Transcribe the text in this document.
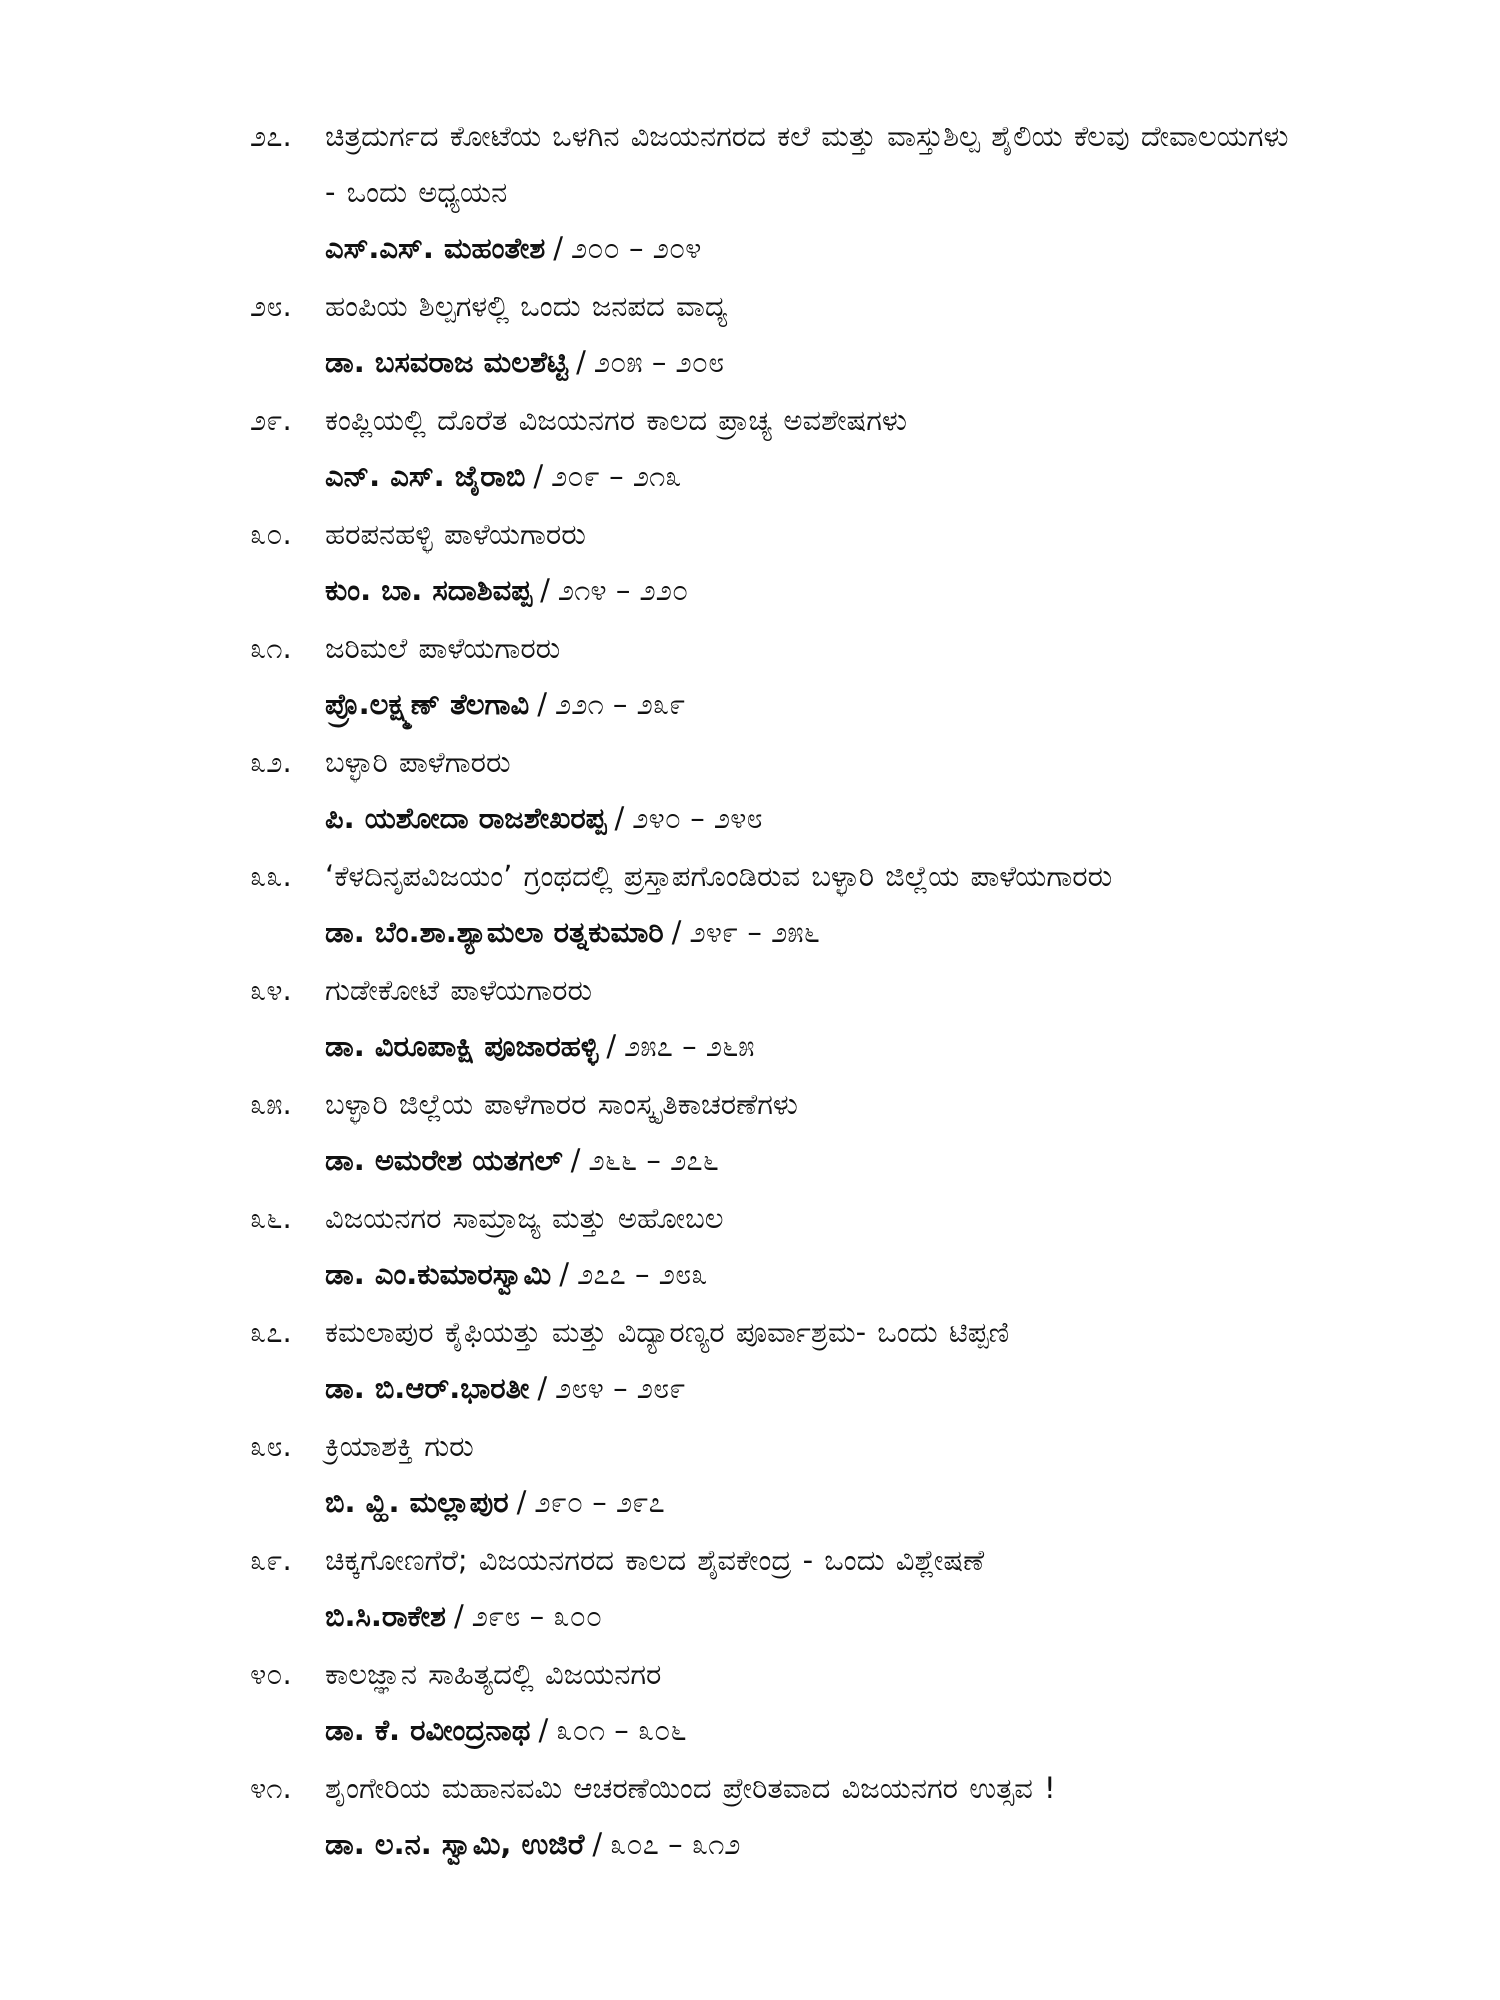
೨೭.	ಚಿತ್ರದುರ್ಗದ ಕೋಟೆಯ ಒಳಗಿನ ವಿಜಯನಗರದ ಕಲೆ ಮತ್ತು ವಾಸ್ತುಶಿಲ್ಪ ಶೈಲಿಯ ಕೆಲವು ದೇವಾಲಯಗಳು - ಒಂದು ಅಧ್ಯಯನ
ಎಸ್.ಎಸ್. ಮಹಂತೇಶ / ೨೦೦ – ೨೦೪
೨೮.	ಹಂಪಿಯ ಶಿಲ್ಪಗಳಲ್ಲಿ ಒಂದು ಜನಪದ ವಾದ್ಯ
ಡಾ. ಬಸವರಾಜ ಮಲಶೆಟ್ಟಿ / ೨೦೫ – ೨೦೮
೨೯.	ಕಂಪ್ಲಿಯಲ್ಲಿ ದೊರೆತ ವಿಜಯನಗರ ಕಾಲದ ಪ್ರಾಚ್ಯ ಅವಶೇಷಗಳು
ಎನ್. ಎಸ್. ಜೈರಾಬಿ / ೨೦೯ – ೨೧೩
೩೦.	ಹರಪನಹಳ್ಳಿ ಪಾಳೆಯಗಾರರು
ಕುಂ. ಬಾ. ಸದಾಶಿವಪ್ಪ / ೨೧೪ – ೨೨೦
೩೧.	ಜರಿಮಲೆ ಪಾಳೆಯಗಾರರು
ಪ್ರೊ.ಲಕ್ಷ್ಮಣ್ ತೆಲಗಾವಿ / ೨೨೧ – ೨೩೯
೩೨.	ಬಳ್ಳಾರಿ ಪಾಳೆಗಾರರು
ಪಿ. ಯಶೋದಾ ರಾಜಶೇಖರಪ್ಪ / ೨೪೦ – ೨೪೮
೩೩.	‘ಕೆಳದಿನೃಪವಿಜಯಂ’ ಗ್ರಂಥದಲ್ಲಿ ಪ್ರಸ್ತಾಪಗೊಂಡಿರುವ ಬಳ್ಳಾರಿ ಜಿಲ್ಲೆಯ ಪಾಳೆಯಗಾರರು
ಡಾ. ಬೆಂ.ಶಾ.ಶ್ಯಾಮಲಾ ರತ್ನಕುಮಾರಿ / ೨೪೯ – ೨೫೬
೩೪.	ಗುಡೇಕೋಟೆ ಪಾಳೆಯಗಾರರು
ಡಾ. ವಿರೂಪಾಕ್ಷಿ ಪೂಜಾರಹಳ್ಳಿ / ೨೫೭ – ೨೬೫
೩೫.	ಬಳ್ಳಾರಿ ಜಿಲ್ಲೆಯ ಪಾಳೆಗಾರರ ಸಾಂಸ್ಕೃತಿಕಾಚರಣೆಗಳು
ಡಾ. ಅಮರೇಶ ಯತಗಲ್ / ೨೬೬ – ೨೭೬
೩೬.	ವಿಜಯನಗರ ಸಾಮ್ರಾಜ್ಯ ಮತ್ತು ಅಹೋಬಲ
ಡಾ. ಎಂ.ಕುಮಾರಸ್ವಾಮಿ / ೨೭೭ – ೨೮೩
೩೭.	ಕಮಲಾಪುರ ಕೈಫಿಯತ್ತು ಮತ್ತು ವಿದ್ಯಾರಣ್ಯರ ಪೂರ್ವಾಶ್ರಮ- ಒಂದು ಟಿಪ್ಪಣಿ
ಡಾ. ಬಿ.ಆರ್.ಭಾರತೀ / ೨೮೪ – ೨೮೯
೩೮.	ಕ್ರಿಯಾಶಕ್ತಿ ಗುರು
ಬಿ. ವ್ಹಿ. ಮಲ್ಲಾಪುರ / ೨೯೦ – ೨೯೭
೩೯.	ಚಿಕ್ಕಗೋಣಗೆರೆ; ವಿಜಯನಗರದ ಕಾಲದ ಶೈವಕೇಂದ್ರ - ಒಂದು ವಿಶ್ಲೇಷಣೆ
ಬಿ.ಸಿ.ರಾಕೇಶ / ೨೯೮ – ೩೦೦
೪೦.	ಕಾಲಜ್ಞಾನ ಸಾಹಿತ್ಯದಲ್ಲಿ ವಿಜಯನಗರ
ಡಾ. ಕೆ. ರವೀಂದ್ರನಾಥ / ೩೦೧ – ೩೦೬
೪೧.	ಶೃಂಗೇರಿಯ ಮಹಾನವಮಿ ಆಚರಣೆಯಿಂದ ಪ್ರೇರಿತವಾದ ವಿಜಯನಗರ ಉತ್ಸವ !
ಡಾ. ಲ.ನ. ಸ್ವಾಮಿ, ಉಜಿರೆ / ೩೦೭ – ೩೧೨
